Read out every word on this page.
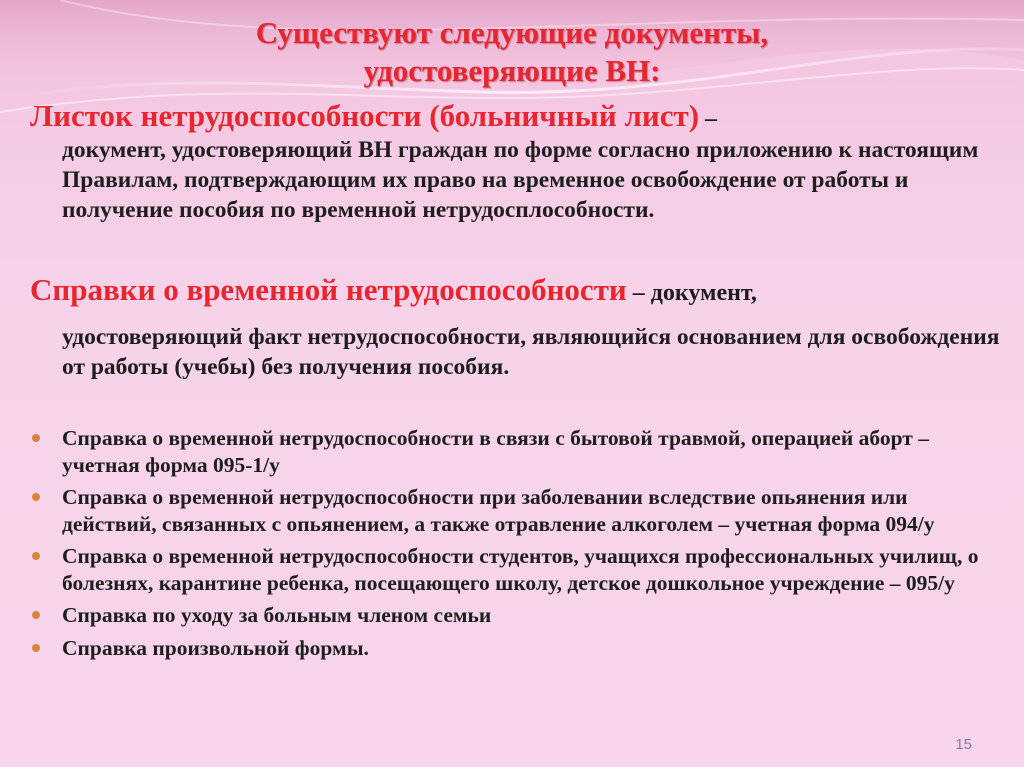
Существуют следующие документы,
удостоверяющие ВН:
Листок нетрудоспособности (больничный лист) –

документ, удостоверяющий ВН граждан по форме согласно приложению к настоящим Правилам, подтверждающим их право на временное освобождение от работы и получение пособия по временной нетрудосплособности.

Справки о временной нетрудоспособности – документ,

удостоверяющий факт нетрудоспособности, являющийся основанием для освобождения от работы (учебы) без получения пособия.

Справка о временной нетрудоспособности в связи с бытовой травмой, операцией аборт – учетная форма 095-1/у
Справка о временной нетрудоспособности при заболевании вследствие опьянения или действий, связанных с опьянением, а также отравление алкоголем – учетная форма 094/у
Справка о временной нетрудоспособности студентов, учащихся профессиональных училищ, о болезнях, карантине ребенка, посещающего школу, детское дошкольное учреждение – 095/у
Справка по уходу за больным членом семьи
Справка произвольной формы.
15
